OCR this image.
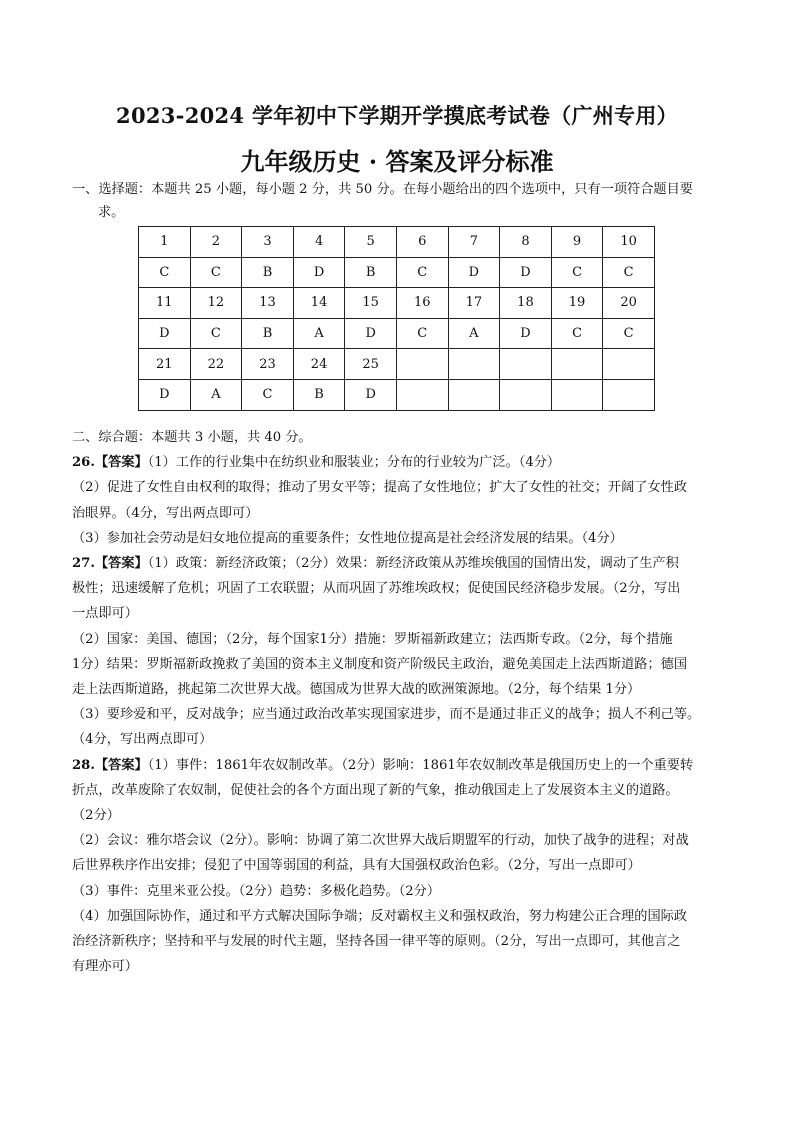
2023-2024 学年初中下学期开学摸底考试卷（广州专用）
九年级历史 · 答案及评分标准
一、选择题：本题共 25 小题，每小题 2 分，共 50 分。在每小题给出的四个选项中，只有一项符合题目要
求。
1	2	3	4	5	6	7	8	9	10
C	C	B	D	B	C	D	D	C	C
11	12	13	14	15	16	17	18	19	20
D	C	B	A	D	C	A	D	C	C
21	22	23	24	25					
D	A	C	B	D					

二、综合题：本题共 3 小题，共 40 分。

26.【答案】（1）工作的行业集中在纺织业和服装业；分布的行业较为广泛。（4分）

（2）促进了女性自由权利的取得；推动了男女平等；提高了女性地位；扩大了女性的社交；开阔了女性政

治眼界。（4分，写出两点即可）

（3）参加社会劳动是妇女地位提高的重要条件；女性地位提高是社会经济发展的结果。（4分）

27.【答案】（1）政策：新经济政策；（2分）效果：新经济政策从苏维埃俄国的国情出发，调动了生产积

极性；迅速缓解了危机；巩固了工农联盟；从而巩固了苏维埃政权；促使国民经济稳步发展。（2分，写出

一点即可）

（2）国家：美国、德国；（2分，每个国家1分）措施：罗斯福新政建立；法西斯专政。（2分，每个措施

1分）结果：罗斯福新政挽救了美国的资本主义制度和资产阶级民主政治，避免美国走上法西斯道路；德国

走上法西斯道路，挑起第二次世界大战。德国成为世界大战的欧洲策源地。（2分，每个结果 1分）

（3）要珍爱和平，反对战争；应当通过政治改革实现国家进步，而不是通过非正义的战争；损人不利己等。

（4分，写出两点即可）

28.【答案】（1）事件：1861年农奴制改革。（2分）影响：1861年农奴制改革是俄国历史上的一个重要转

折点，改革废除了农奴制，促使社会的各个方面出现了新的气象，推动俄国走上了发展资本主义的道路。

（2分）

（2）会议：雅尔塔会议（2分）。影响：协调了第二次世界大战后期盟军的行动，加快了战争的进程；对战

后世界秩序作出安排；侵犯了中国等弱国的利益，具有大国强权政治色彩。（2分，写出一点即可）

（3）事件：克里米亚公投。（2分）趋势：多极化趋势。（2分）

（4）加强国际协作，通过和平方式解决国际争端；反对霸权主义和强权政治，努力构建公正合理的国际政

治经济新秩序；坚持和平与发展的时代主题，坚持各国一律平等的原则。（2分，写出一点即可，其他言之

有理亦可）
